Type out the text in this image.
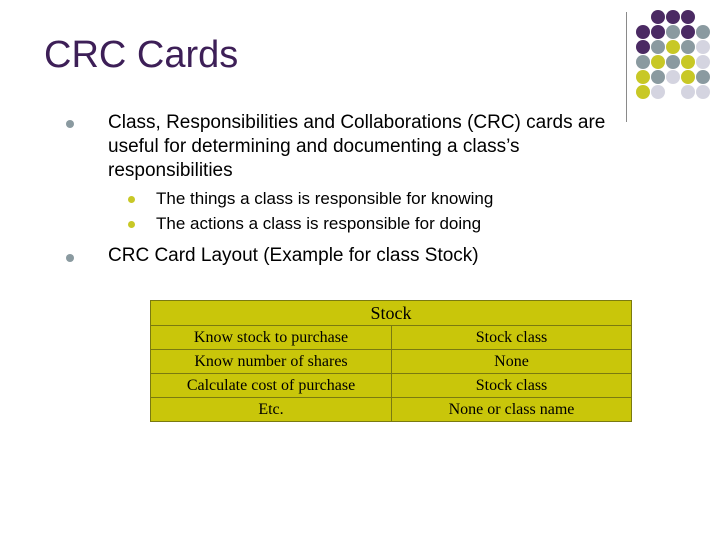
CRC Cards
Class, Responsibilities and Collaborations (CRC) cards are
useful for determining and documenting a class’s
responsibilities
The things a class is responsible for knowing
The actions a class is responsible for doing
CRC Card Layout (Example for class Stock)
Stock	
Know stock to purchase	Stock class
Know number of shares	None
Calculate cost of purchase	Stock class
Etc.	None or class name
